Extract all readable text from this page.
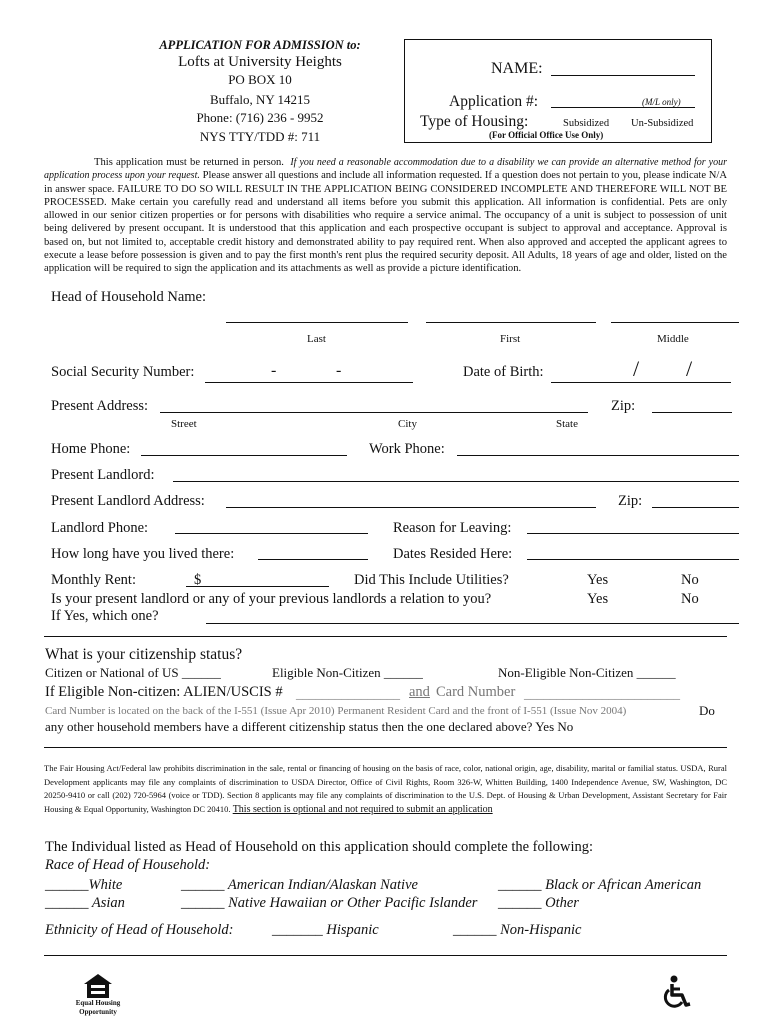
APPLICATION FOR ADMISSION to:
Lofts at University Heights
PO BOX 10
Buffalo, NY 14215
Phone: (716) 236 - 9952
NYS TTY/TDD #: 711
NAME:
Application #:	(M/L only)
Type of Housing:	Subsidized Un-Subsidized
(For Official Office Use Only)
This application must be returned in person. If you need a reasonable accommodation due to a disability we can provide an alternative method for your application process upon your request. Please answer all questions and include all information requested. If a question does not pertain to you, please indicate N/A in answer space. FAILURE TO DO SO WILL RESULT IN THE APPLICATION BEING CONSIDERED INCOMPLETE AND THEREFORE WILL NOT BE PROCESSED. Make certain you carefully read and understand all items before you submit this application. All information is confidential. Pets are only allowed in our senior citizen properties or for persons with disabilities who require a service animal. The occupancy of a unit is subject to possession of unit being delivered by present occupant. It is understood that this application and each prospective occupant is subject to approval and acceptance. Approval is based on, but not limited to, acceptable credit history and demonstrated ability to pay required rent. When also approved and accepted the applicant agrees to execute a lease before possession is given and to pay the first month's rent plus the required security deposit. All Adults, 18 years of age and older, listed on the application will be required to sign the application and its attachments as well as provide a picture identification.
Head of Household Name:
Last	First	Middle
Social Security Number:	-	-	Date of Birth:	/ /
Present Address:	Zip:
Street	City	State
Home Phone:	Work Phone:
Present Landlord:
Present Landlord Address:	Zip:
Landlord Phone:	Reason for Leaving:
How long have you lived there:	Dates Resided Here:
Monthly Rent:	$	Did This Include Utilities?	Yes	No
Is your present landlord or any of your previous landlords a relation to you?	Yes	No
If Yes, which one?
What is your citizenship status?
Citizen or National of US ______	Eligible Non-Citizen ______	Non-Eligible Non-Citizen ______
If Eligible Non-citizen: ALIEN/USCIS # ________________ and Card Number ________________________
Card Number is located on the back of the I-551 (Issue Apr 2010) Permanent Resident Card and the front of I-551 (Issue Nov 2004)	Do
any other household members have a different citizenship status then the one declared above? Yes No
The Fair Housing Act/Federal law prohibits discrimination in the sale, rental or financing of housing on the basis of race, color, national origin, age, disability, marital or familial status. USDA, Rural Development applicants may file any complaints of discrimination to USDA Director, Office of Civil Rights, Room 326-W, Whitten Building, 1400 Independence Avenue, SW, Washington, DC 20250-9410 or call (202) 720-5964 (voice or TDD). Section 8 applicants may file any complaints of discrimination to the U.S. Dept. of Housing & Urban Development, Assistant Secretary for Fair Housing & Equal Opportunity, Washington DC 20410. This section is optional and not required to submit an application
The Individual listed as Head of Household on this application should complete the following:
Race of Head of Household:
______White	______ American Indian/Alaskan Native	______ Black or African American
______ Asian	______ Native Hawaiian or Other Pacific Islander ______ Other
Ethnicity of Head of Household:	_______ Hispanic	______ Non-Hispanic
Equal Housing
Opportunity
